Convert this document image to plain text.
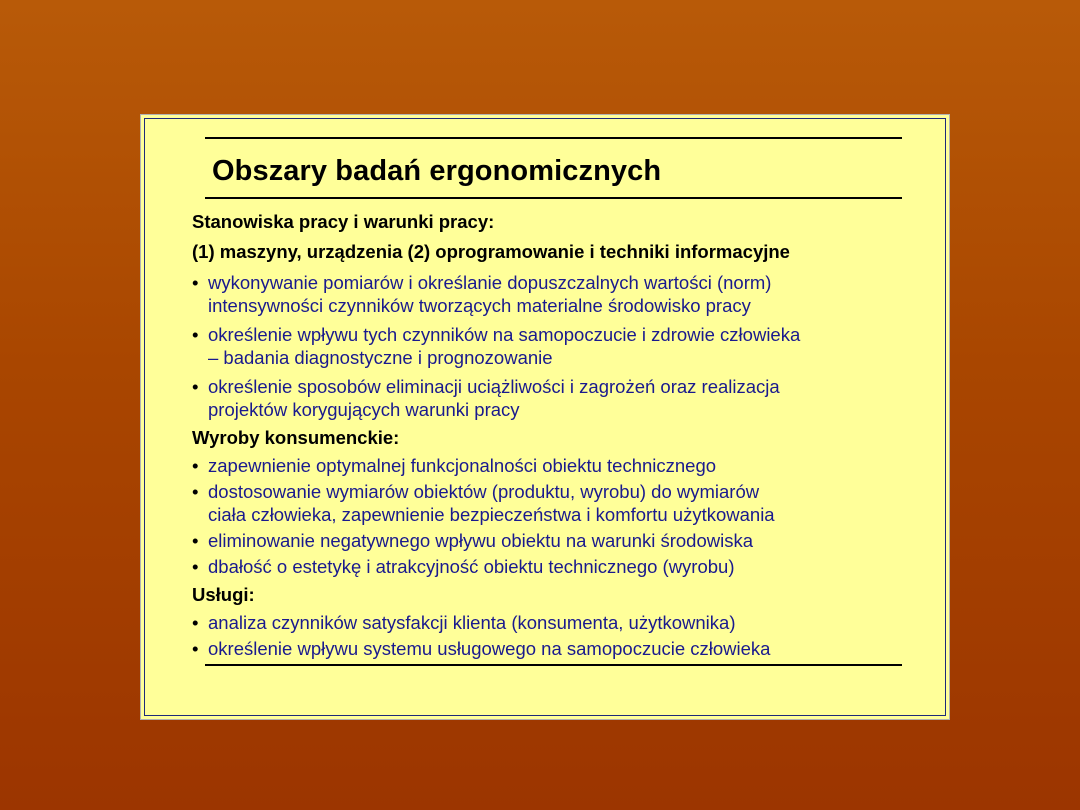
Obszary badań ergonomicznych
Stanowiska pracy i warunki pracy:
(1) maszyny, urządzenia (2) oprogramowanie i techniki informacyjne
• wykonywanie pomiarów i określanie dopuszczalnych wartości (norm)
intensywności czynników tworzących materialne środowisko pracy
• określenie wpływu tych czynników na samopoczucie i zdrowie człowieka
– badania diagnostyczne i prognozowanie
• określenie sposobów eliminacji uciążliwości i zagrożeń oraz realizacja
projektów korygujących warunki pracy
Wyroby konsumenckie:
• zapewnienie optymalnej funkcjonalności obiektu technicznego
• dostosowanie wymiarów obiektów (produktu, wyrobu) do wymiarów
ciała człowieka, zapewnienie bezpieczeństwa i komfortu użytkowania
• eliminowanie negatywnego wpływu obiektu na warunki środowiska
• dbałość o estetykę i atrakcyjność obiektu technicznego (wyrobu)
Usługi:
• analiza czynników satysfakcji klienta (konsumenta, użytkownika)
• określenie wpływu systemu usługowego na samopoczucie człowieka
